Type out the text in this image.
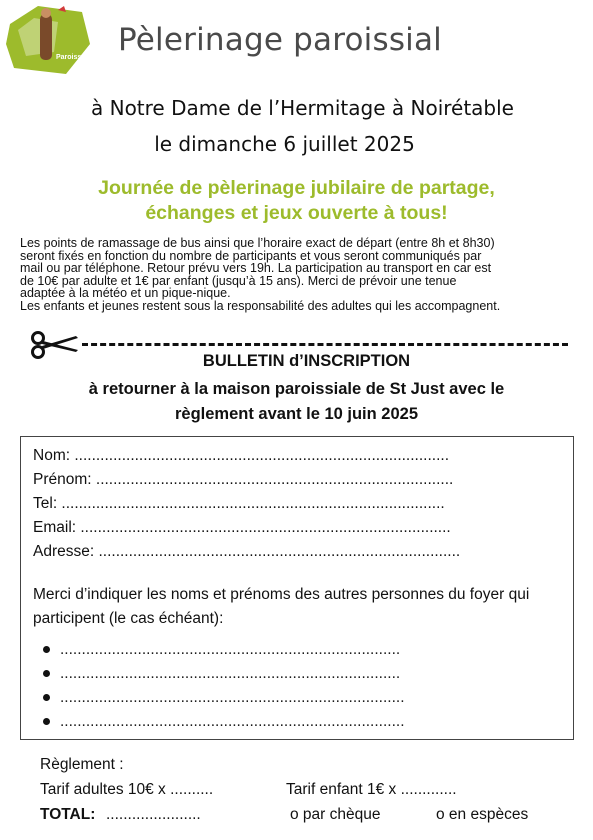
Paroisse Pèlerinage paroissial
à Notre Dame de l’Hermitage à Noirétable
le dimanche 6 juillet 2025
Journée de pèlerinage jubilaire de partage,
échanges et jeux ouverte à tous!

Les points de ramassage de bus ainsi que l’horaire exact de départ (entre 8h et 8h30)

seront fixés en fonction du nombre de participants et vous seront communiqués par

mail ou par téléphone. Retour prévu vers 19h. La participation au transport en car est

de 10€ par adulte et 1€ par enfant (jusqu’à 15 ans). Merci de prévoir une tenue

adaptée à la météo et un pique-nique.

Les enfants et jeunes restent sous la responsabilité des adultes qui les accompagnent.

BULLETIN d’INSCRIPTION
à retourner à la maison paroissiale de St Just avec le
règlement avant le 10 juin 2025
Nom: .......................................................................................
Prénom: ...................................................................................
Tel: .........................................................................................
Email: ......................................................................................
Adresse: ....................................................................................
Merci d’indiquer les noms et prénoms des autres personnes du foyer qui participent (le cas échéant):
...............................................................................
...............................................................................
................................................................................
................................................................................
Règlement :
Tarif adultes 10€ x ..........	Tarif enfant 1€ x .............
TOTAL: ......................	o par chèque	o en espèces
